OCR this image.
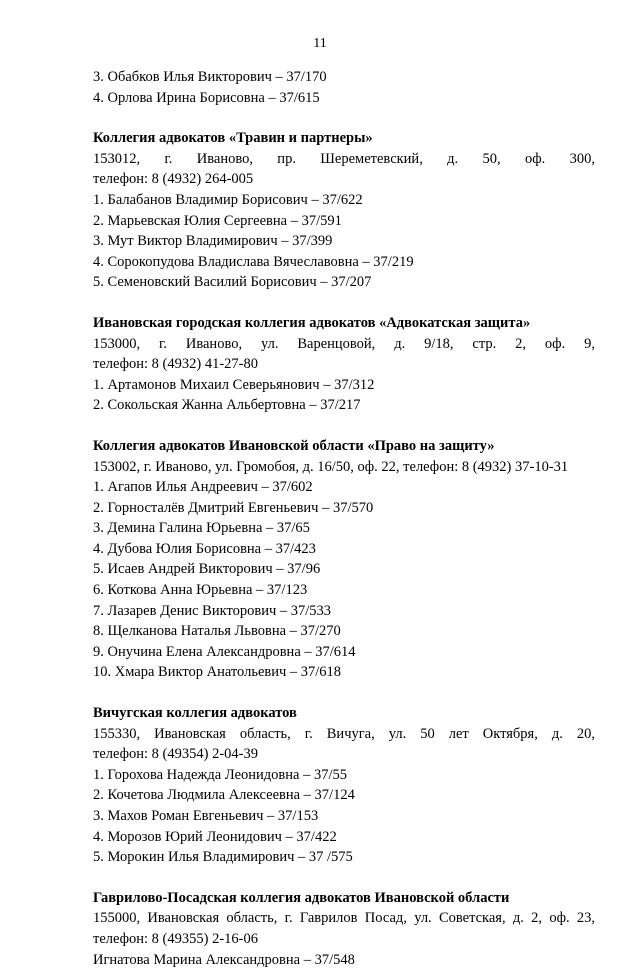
11
3. Обабков Илья Викторович – 37/170
4. Орлова Ирина Борисовна – 37/615
Коллегия адвокатов «Травин и партнеры»
153012, г. Иваново, пр. Шереметевский, д. 50, оф. 300,
телефон: 8 (4932) 264-005
1. Балабанов Владимир Борисович – 37/622
2. Марьевская Юлия Сергеевна – 37/591
3. Мут Виктор Владимирович – 37/399
4. Сорокопудова Владислава Вячеславовна – 37/219
5. Семеновский Василий Борисович – 37/207
Ивановская городская коллегия адвокатов «Адвокатская защита»
153000, г. Иваново, ул. Варенцовой, д. 9/18, стр. 2, оф. 9,
телефон: 8 (4932) 41-27-80
1. Артамонов Михаил Северьянович – 37/312
2. Сокольская Жанна Альбертовна – 37/217
Коллегия адвокатов Ивановской области «Право на защиту»
153002, г. Иваново, ул. Громобоя, д. 16/50, оф. 22, телефон: 8 (4932) 37-10-31
1. Агапов Илья Андреевич – 37/602
2. Горносталёв Дмитрий Евгеньевич – 37/570
3. Демина Галина Юрьевна – 37/65
4. Дубова Юлия Борисовна – 37/423
5. Исаев Андрей Викторович – 37/96
6. Коткова Анна Юрьевна – 37/123
7. Лазарев Денис Викторович – 37/533
8. Щелканова Наталья Львовна – 37/270
9. Онучина Елена Александровна – 37/614
10. Хмара Виктор Анатольевич – 37/618
Вичугская коллегия адвокатов
155330, Ивановская область, г. Вичуга, ул. 50 лет Октября, д. 20,
телефон: 8 (49354) 2-04-39
1. Горохова Надежда Леонидовна – 37/55
2. Кочетова Людмила Алексеевна – 37/124
3. Махов Роман Евгеньевич – 37/153
4. Морозов Юрий Леонидович – 37/422
5. Морокин Илья Владимирович – 37 /575
Гаврилово-Посадская коллегия адвокатов Ивановской области
155000, Ивановская область, г. Гаврилов Посад, ул. Советская, д. 2, оф. 23,
телефон: 8 (49355) 2-16-06
Игнатова Марина Александровна – 37/548
